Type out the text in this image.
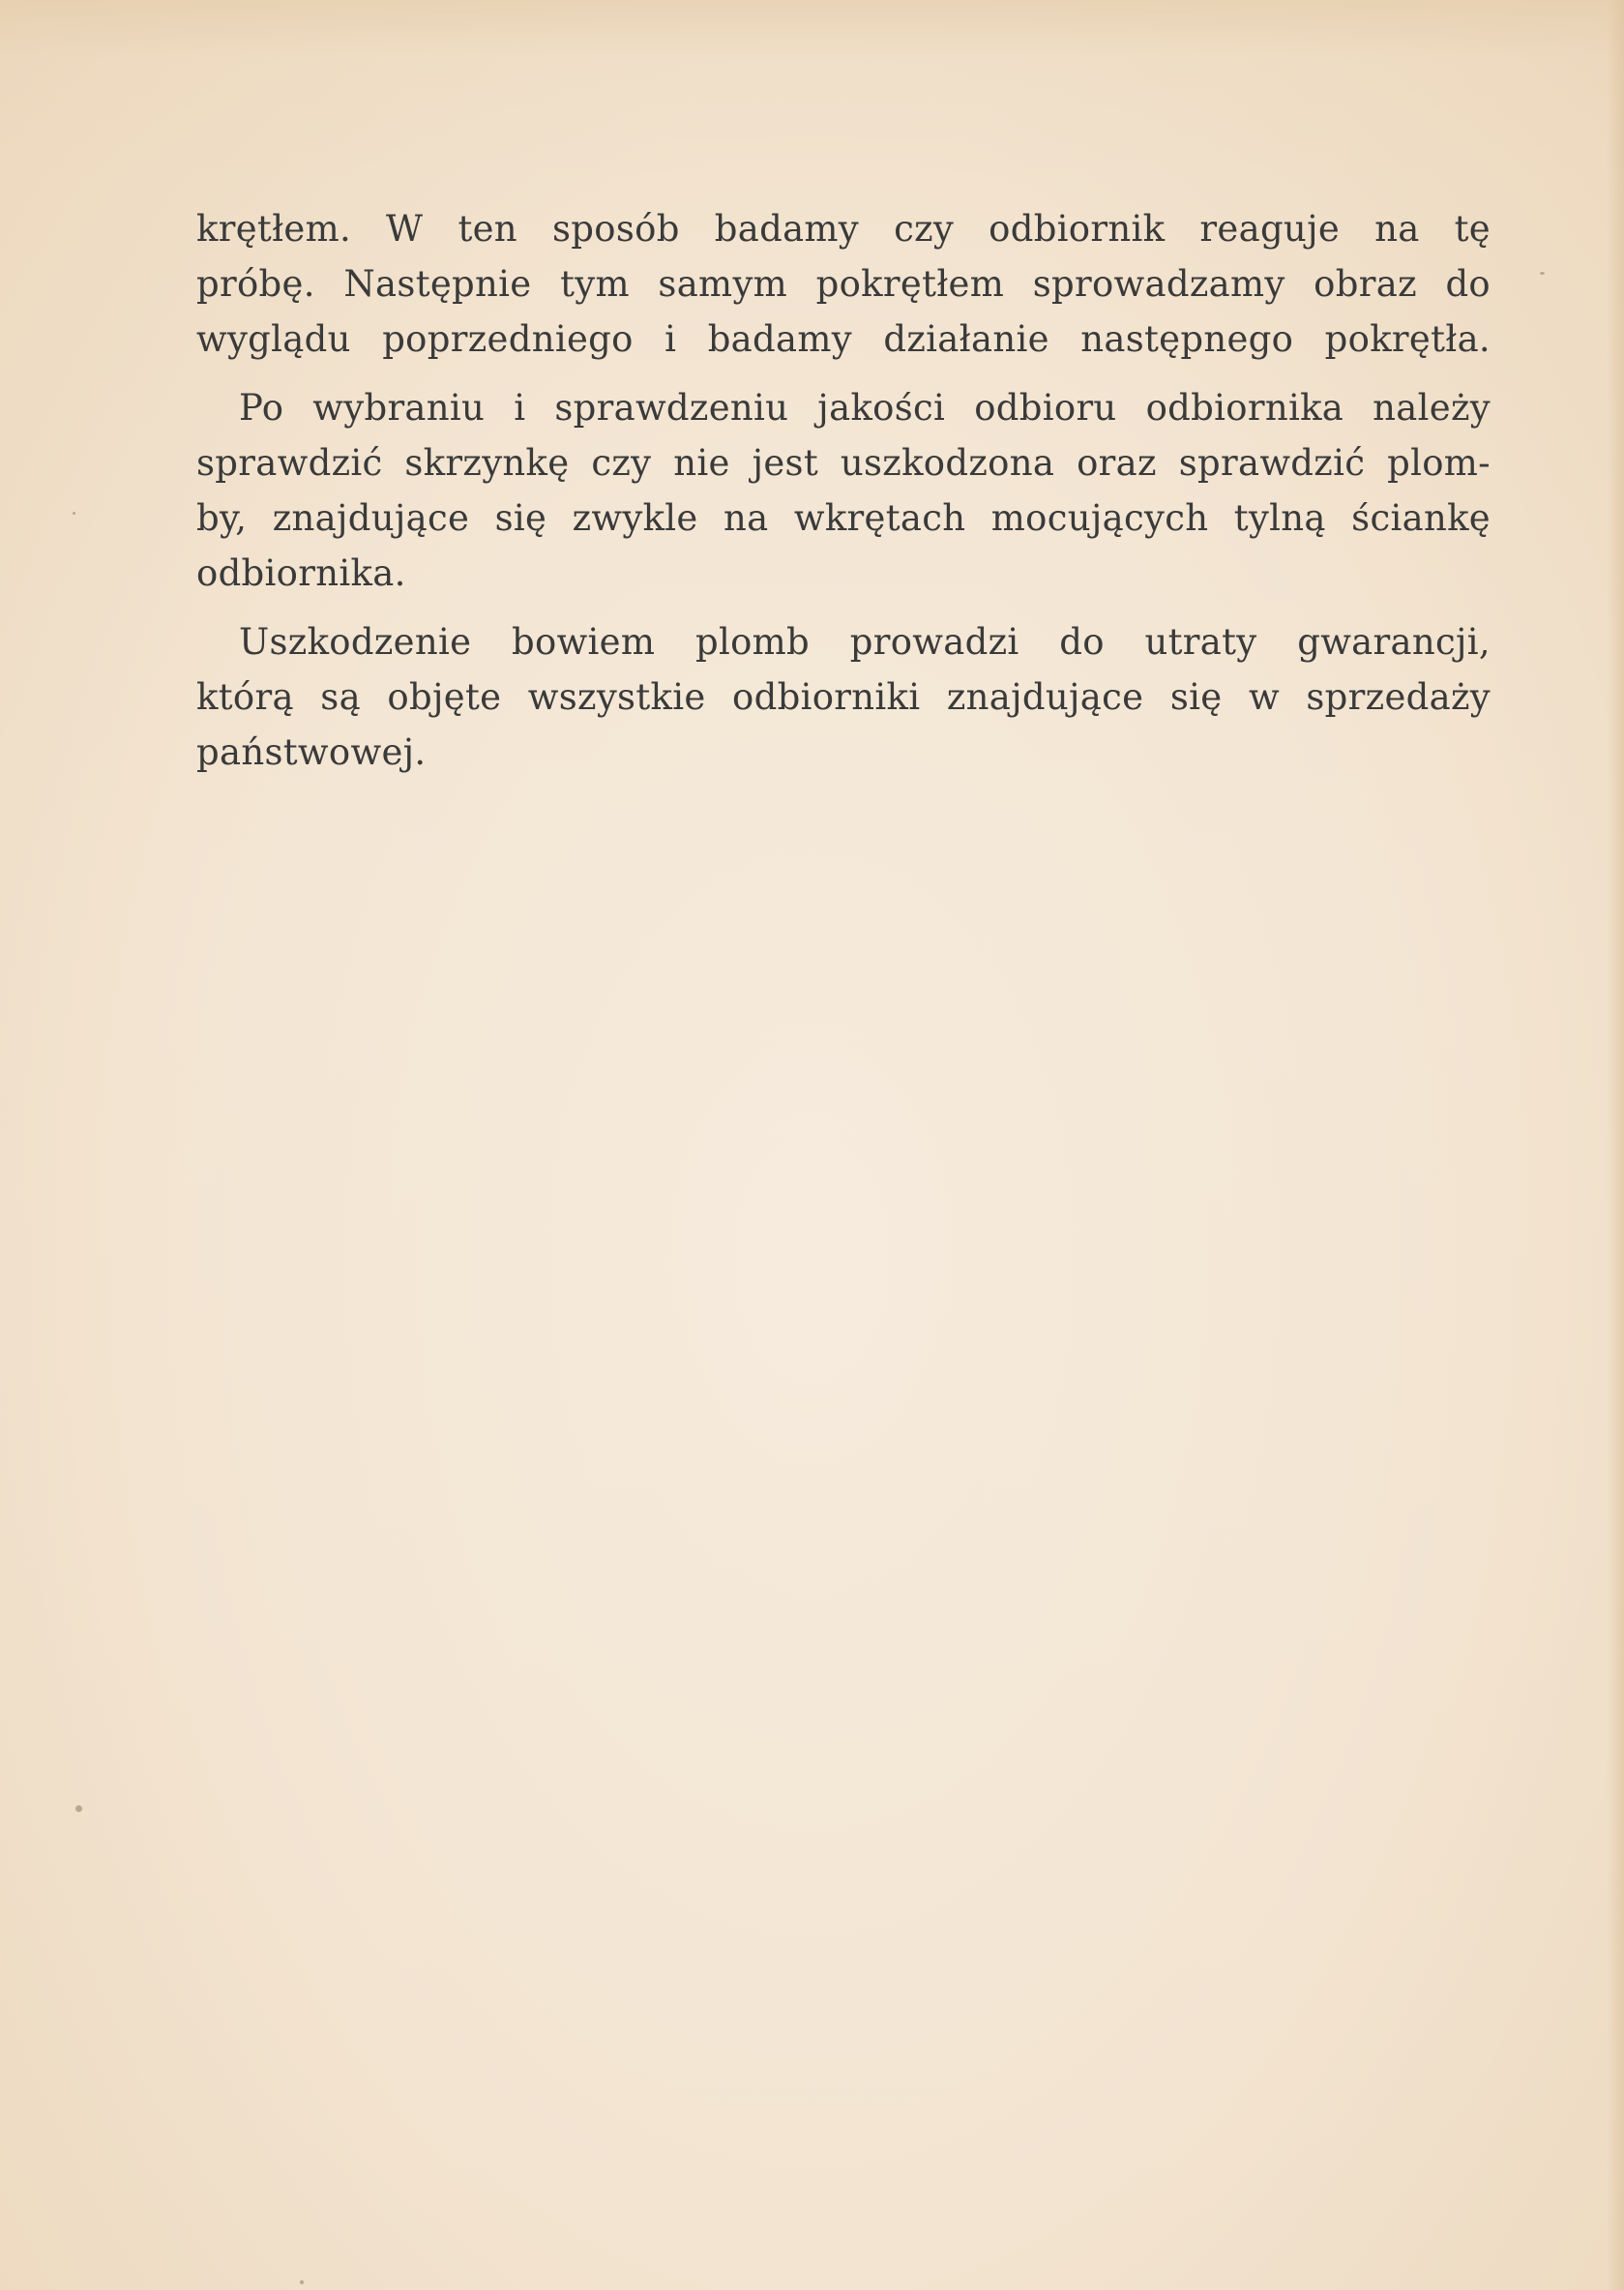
krętłem. W ten sposób badamy czy odbiornik reaguje na tę
próbę. Następnie tym samym pokrętłem sprowadzamy obraz do
wyglądu poprzedniego i badamy działanie następnego pokrętła.
Po wybraniu i sprawdzeniu jakości odbioru odbiornika należy
sprawdzić skrzynkę czy nie jest uszkodzona oraz sprawdzić plom-
by, znajdujące się zwykle na wkrętach mocujących tylną ściankę
odbiornika.
Uszkodzenie bowiem plomb prowadzi do utraty gwarancji,
którą są objęte wszystkie odbiorniki znajdujące się w sprzedaży
państwowej.
